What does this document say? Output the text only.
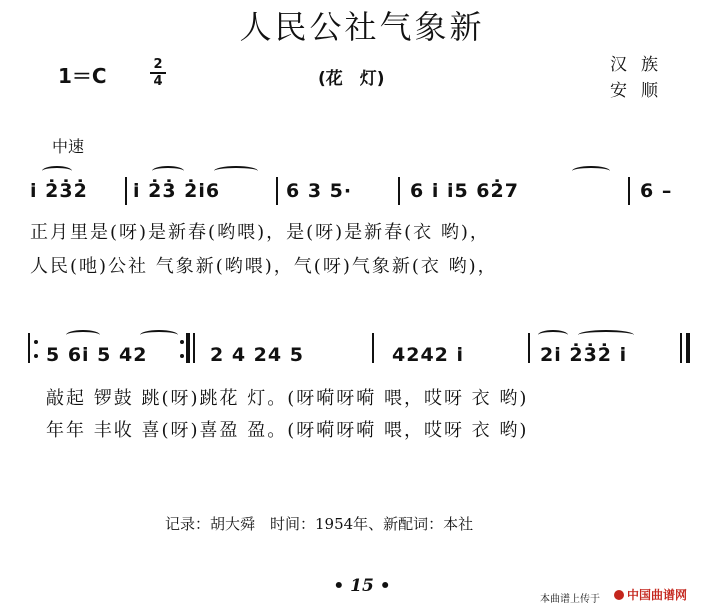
人民公社气象新
1＝C	2
4	(花　灯)
汉族
安顺
中速
i 2̇3̇2̇ i 2̇3̇ 2̇i6	6 3 5·	6 i i5 62̇7	6 –
正月里是(呀)是新春(哟喂)，是(呀)是新春(衣 哟)，
人民(吔)公社 气象新(哟喂)，气(呀)气象新(衣 哟)，
5 6i 5 42	2 4 24 5	4242 i	2i 2̇3̇2̇ i
敲起 锣鼓 跳(呀)跳花 灯。(呀嗬呀嗬 喂，哎呀 衣 哟)
年年 丰收 喜(呀)喜盈 盈。(呀嗬呀嗬 喂，哎呀 衣 哟)
记录：胡大舜　时间：1954年、新配词：本社
• 15 •
本曲谱上传于	中国曲谱网
